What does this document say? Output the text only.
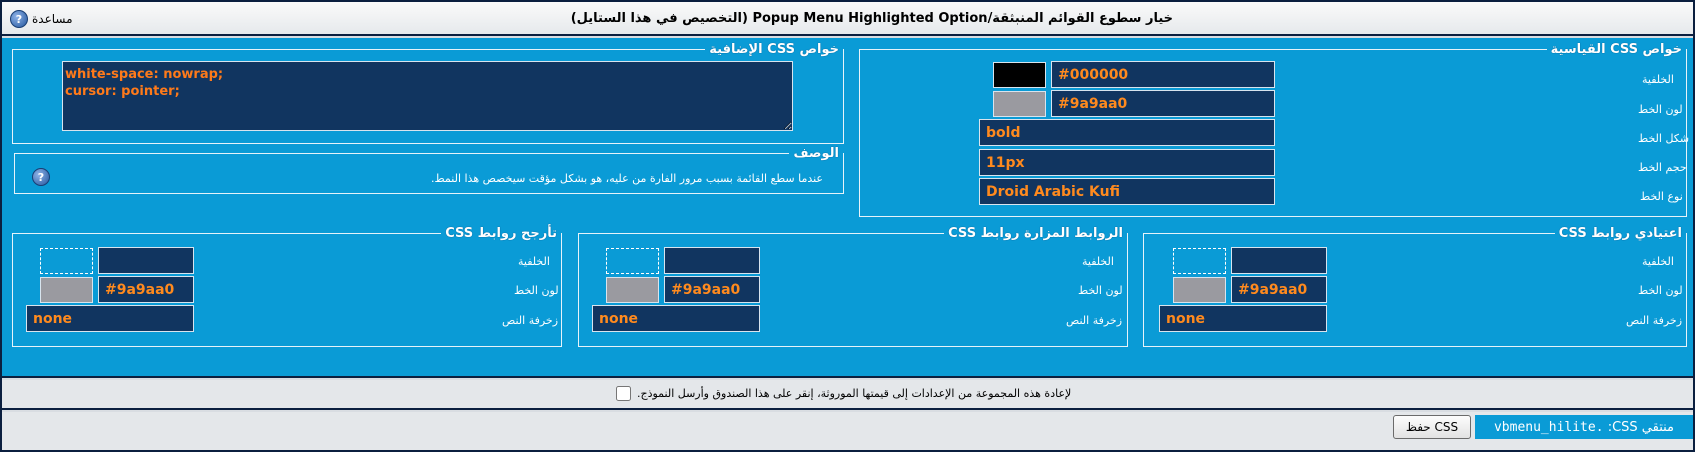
? مساعدة	خيار سطوع القوائم المنبثقة/Popup Menu Highlighted Option (التخصيص في هذا الستايل)
خواص CSS القياسية
الخلفية
لون الخط
شكل الخط
حجم الخط
نوع الخط
#000000
#9a9aa0
bold
11px
Droid Arabic Kufi
خواص CSS الإضافية
white-space: nowrap; cursor: pointer;
الوصف
عندما سطع القائمة بسبب مرور الفارة من عليه، هو بشكل مؤقت سيخصص هذا النمط.
?
اعتيادي روابط CSS
الخلفية
لون الخط
زخرفة النص
#9a9aa0
none
الروابط المزارة روابط CSS
الخلفية
لون الخط
زخرفة النص
#9a9aa0
none
تأرجح روابط CSS
الخلفية
لون الخط
زخرفة النص
#9a9aa0
none
لإعادة هذه المجموعة من الإعدادات إلى قيمتها الموروثة، إنقر على هذا الصندوق وأرسل النموذج.
منتقي CSS:

.vbmenu_hilite
حفظ CSS
